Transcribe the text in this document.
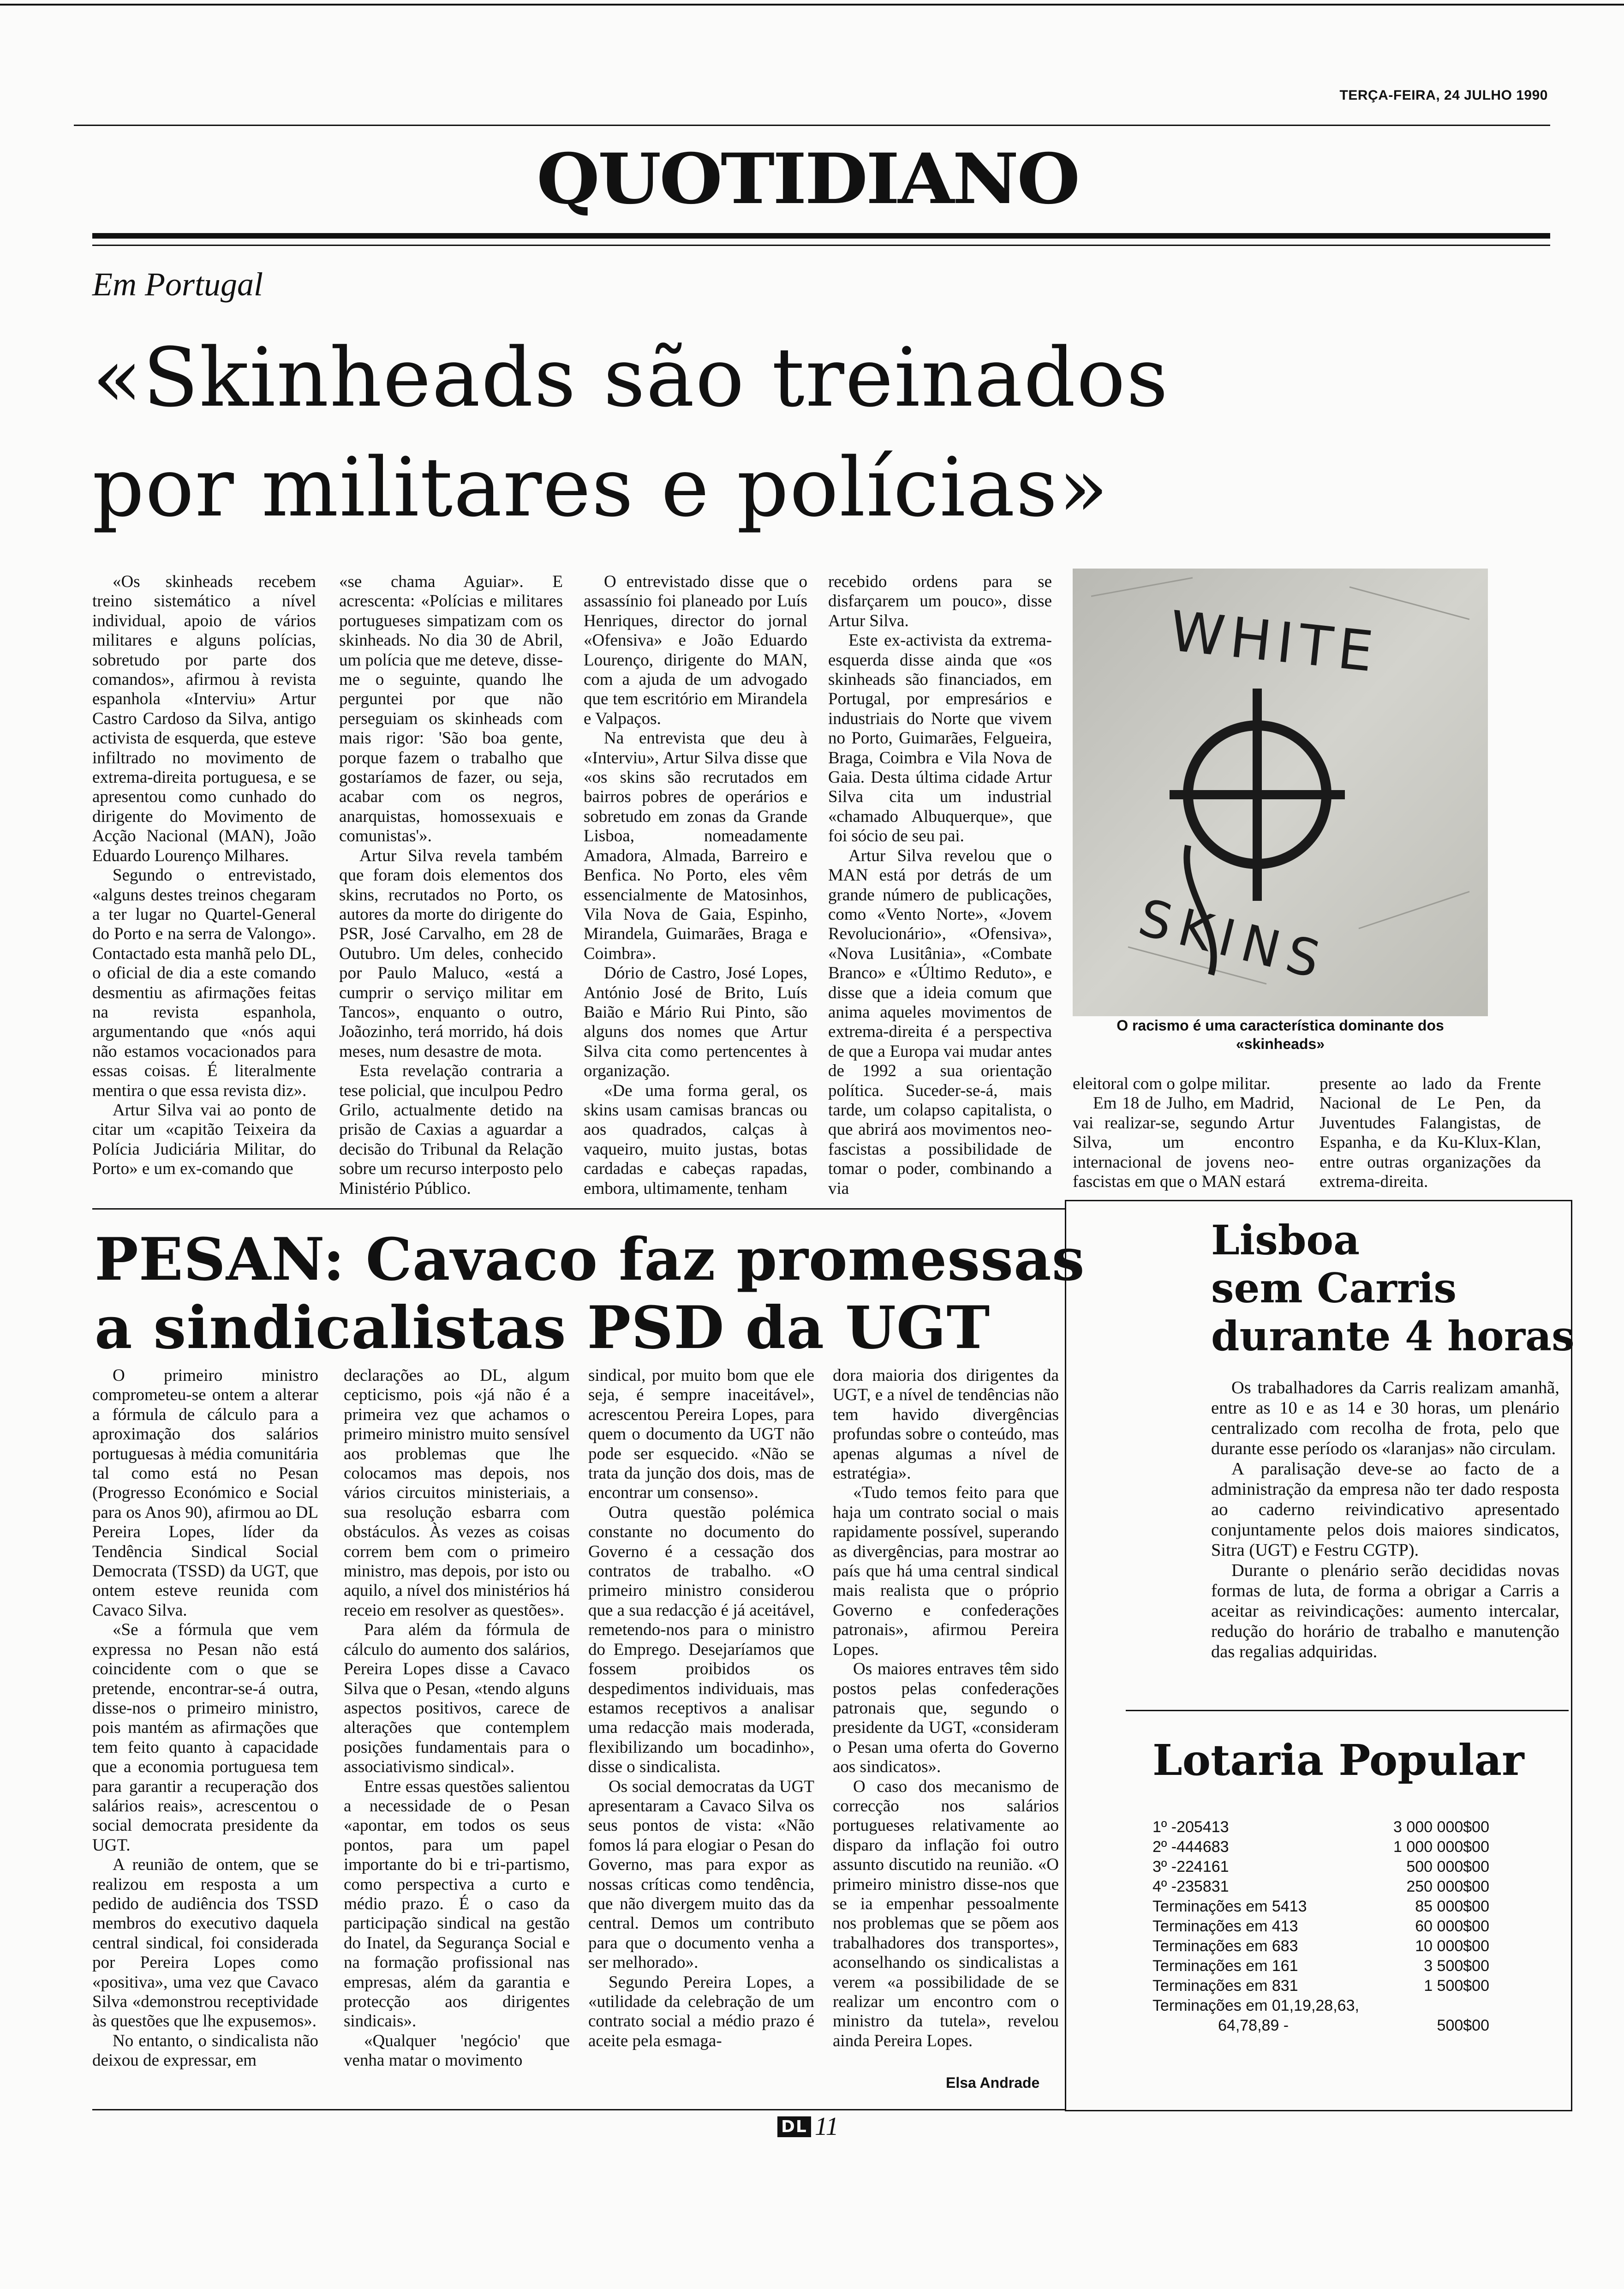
TERÇA-FEIRA, 24 JULHO 1990
QUOTIDIANO
Em Portugal
«Skinheads são treinados
por militares e polícias»

«Os skinheads recebem treino sistemático a nível individual, apoio de vários militares e alguns polícias, sobretudo por parte dos comandos», afirmou à revista espanhola «Interviu» Artur Castro Cardoso da Silva, antigo activista de esquerda, que esteve infiltrado no movimento de extrema-direita portuguesa, e se apresentou como cunhado do dirigente do Movimento de Acção Nacional (MAN), João Eduardo Lourenço Milhares.

Segundo o entrevistado, «alguns destes treinos chegaram a ter lugar no Quartel-General do Porto e na serra de Valongo». Contactado esta manhã pelo DL, o oficial de dia a este comando desmentiu as afirmações feitas na revista espanhola, argumentando que «nós aqui não estamos vocacionados para essas coisas. É literalmente mentira o que essa revista diz».

Artur Silva vai ao ponto de citar um «capitão Teixeira da Polícia Judiciária Militar, do Porto» e um ex-comando que

«se chama Aguiar». E acrescenta: «Polícias e militares portugueses simpatizam com os skinheads. No dia 30 de Abril, um polícia que me deteve, disse-me o seguinte, quando lhe perguntei por que não perseguiam os skinheads com mais rigor: 'São boa gente, porque fazem o trabalho que gostaríamos de fazer, ou seja, acabar com os negros, anarquistas, homossexuais e comunistas'».

Artur Silva revela também que foram dois elementos dos skins, recrutados no Porto, os autores da morte do dirigente do PSR, José Carvalho, em 28 de Outubro. Um deles, conhecido por Paulo Maluco, «está a cumprir o serviço militar em Tancos», enquanto o outro, Joãozinho, terá morrido, há dois meses, num desastre de mota.

Esta revelação contraria a tese policial, que inculpou Pedro Grilo, actualmente detido na prisão de Caxias a aguardar a decisão do Tribunal da Relação sobre um recurso interposto pelo Ministério Público.

O entrevistado disse que o assassínio foi planeado por Luís Henriques, director do jornal «Ofensiva» e João Eduardo Lourenço, dirigente do MAN, com a ajuda de um advogado que tem escritório em Mirandela e Valpaços.

Na entrevista que deu à «Interviu», Artur Silva disse que «os skins são recrutados em bairros pobres de operários e sobretudo em zonas da Grande Lisboa, nomeadamente Amadora, Almada, Barreiro e Benfica. No Porto, eles vêm essencialmente de Matosinhos, Vila Nova de Gaia, Espinho, Mirandela, Guimarães, Braga e Coimbra».

Dório de Castro, José Lopes, António José de Brito, Luís Baião e Mário Rui Pinto, são alguns dos nomes que Artur Silva cita como pertencentes à organização.

«De uma forma geral, os skins usam camisas brancas ou aos quadrados, calças à vaqueiro, muito justas, botas cardadas e cabeças rapadas, embora, ultimamente, tenham

recebido ordens para se disfarçarem um pouco», disse Artur Silva.

Este ex-activista da extrema-esquerda disse ainda que «os skinheads são financiados, em Portugal, por empresários e industriais do Norte que vivem no Porto, Guimarães, Felgueira, Braga, Coimbra e Vila Nova de Gaia. Desta última cidade Artur Silva cita um industrial «chamado Albuquerque», que foi sócio de seu pai.

Artur Silva revelou que o MAN está por detrás de um grande número de publicações, como «Vento Norte», «Jovem Revolucionário», «Ofensiva», «Nova Lusitânia», «Combate Branco» e «Último Reduto», e disse que a ideia comum que anima aqueles movimentos de extrema-direita é a perspectiva de que a Europa vai mudar antes de 1992 a sua orientação política. Suceder-se-á, mais tarde, um colapso capitalista, o que abrirá aos movimentos neo-fascistas a possibilidade de tomar o poder, combinando a via

WHITE
SKINS
O racismo é uma característica dominante dos «skinheads»

eleitoral com o golpe militar.

Em 18 de Julho, em Madrid, vai realizar-se, segundo Artur Silva, um encontro internacional de jovens neo-fascistas em que o MAN estará

presente ao lado da Frente Nacional de Le Pen, da Juventudes Falangistas, de Espanha, e da Ku-Klux-Klan, entre outras organizações da extrema-direita.

PESAN: Cavaco faz promessas
a sindicalistas PSD da UGT

O primeiro ministro comprometeu-se ontem a alterar a fórmula de cálculo para a aproximação dos salários portuguesas à média comunitária tal como está no Pesan (Progresso Económico e Social para os Anos 90), afirmou ao DL Pereira Lopes, líder da Tendência Sindical Social Democrata (TSSD) da UGT, que ontem esteve reunida com Cavaco Silva.

«Se a fórmula que vem expressa no Pesan não está coincidente com o que se pretende, encontrar-se-á outra, disse-nos o primeiro ministro, pois mantém as afirmações que tem feito quanto à capacidade que a economia portuguesa tem para garantir a recuperação dos salários reais», acrescentou o social democrata presidente da UGT.

A reunião de ontem, que se realizou em resposta a um pedido de audiência dos TSSD membros do executivo daquela central sindical, foi considerada por Pereira Lopes como «positiva», uma vez que Cavaco Silva «demonstrou receptividade às questões que lhe expusemos».

No entanto, o sindicalista não deixou de expressar, em

declarações ao DL, algum cepticismo, pois «já não é a primeira vez que achamos o primeiro ministro muito sensível aos problemas que lhe colocamos mas depois, nos vários circuitos ministeriais, a sua resolução esbarra com obstáculos. Às vezes as coisas correm bem com o primeiro ministro, mas depois, por isto ou aquilo, a nível dos ministérios há receio em resolver as questões».

Para além da fórmula de cálculo do aumento dos salários, Pereira Lopes disse a Cavaco Silva que o Pesan, «tendo alguns aspectos positivos, carece de alterações que contemplem posições fundamentais para o associativismo sindical».

Entre essas questões salientou a necessidade de o Pesan «apontar, em todos os seus pontos, para um papel importante do bi e tri-partismo, como perspectiva a curto e médio prazo. É o caso da participação sindical na gestão do Inatel, da Segurança Social e na formação profissional nas empresas, além da garantia e protecção aos dirigentes sindicais».

«Qualquer 'negócio' que venha matar o movimento

sindical, por muito bom que ele seja, é sempre inaceitável», acrescentou Pereira Lopes, para quem o documento da UGT não pode ser esquecido. «Não se trata da junção dos dois, mas de encontrar um consenso».

Outra questão polémica constante no documento do Governo é a cessação dos contratos de trabalho. «O primeiro ministro considerou que a sua redacção é já aceitável, remetendo-nos para o ministro do Emprego. Desejaríamos que fossem proibidos os despedimentos individuais, mas estamos receptivos a analisar uma redacção mais moderada, flexibilizando um bocadinho», disse o sindicalista.

Os social democratas da UGT apresentaram a Cavaco Silva os seus pontos de vista: «Não fomos lá para elogiar o Pesan do Governo, mas para expor as nossas críticas como tendência, que não divergem muito das da central. Demos um contributo para que o documento venha a ser melhorado».

Segundo Pereira Lopes, a «utilidade da celebração de um contrato social a médio prazo é aceite pela esmaga-

dora maioria dos dirigentes da UGT, e a nível de tendências não tem havido divergências profundas sobre o conteúdo, mas apenas algumas a nível de estratégia».

«Tudo temos feito para que haja um contrato social o mais rapidamente possível, superando as divergências, para mostrar ao país que há uma central sindical mais realista que o próprio Governo e confederações patronais», afirmou Pereira Lopes.

Os maiores entraves têm sido postos pelas confederações patronais que, segundo o presidente da UGT, «consideram o Pesan uma oferta do Governo aos sindicatos».

O caso dos mecanismo de correcção nos salários portugueses relativamente ao disparo da inflação foi outro assunto discutido na reunião. «O primeiro ministro disse-nos que se ia empenhar pessoalmente nos problemas que se põem aos trabalhadores dos transportes», aconselhando os sindicalistas a verem «a possibilidade de se realizar um encontro com o ministro da tutela», revelou ainda Pereira Lopes.

Elsa Andrade
Lisboa
sem Carris
durante 4 horas

Os trabalhadores da Carris realizam amanhã, entre as 10 e as 14 e 30 horas, um plenário centralizado com recolha de frota, pelo que durante esse período os «laranjas» não circulam.

A paralisação deve-se ao facto de a administração da empresa não ter dado resposta ao caderno reivindicativo apresentado conjuntamente pelos dois maiores sindicatos, Sitra (UGT) e Festru CGTP).

Durante o plenário serão decididas novas formas de luta, de forma a obrigar a Carris a aceitar as reivindicações: aumento intercalar, redução do horário de trabalho e manutenção das regalias adquiridas.

Lotaria Popular
1º -205413	3 000 000$00
2º -444683	1 000 000$00
3º -224161	500 000$00
4º -235831	250 000$00
Terminações em 5413	85 000$00
Terminações em 413	60 000$00
Terminações em 683	10 000$00
Terminações em 161	3 500$00
Terminações em 831	1 500$00
Terminações em 01,19,28,63,
64,78,89 -	500$00
DL 11
